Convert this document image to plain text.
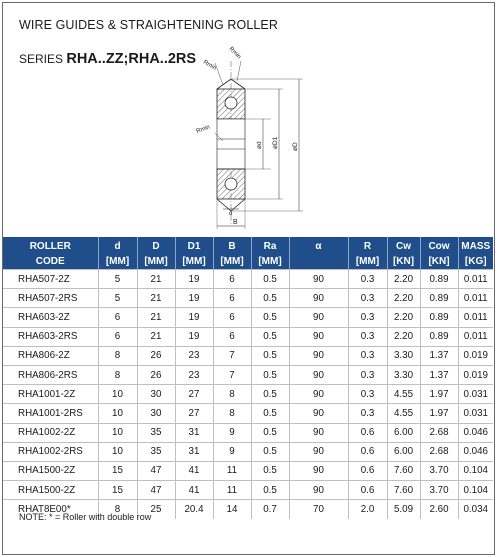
WIRE GUIDES & STRAIGHTENING ROLLER
SERIES RHA..ZZ;RHA..2RS
B
α
ød øD1 øD
Rmin
Rmin
Rmin
ROLLER	d	D	D1	B	Ra	α	R	Cw	Cow	MASS
CODE	[MM]	[MM]	[MM]	[MM]	[MM]		[MM]	[KN]	[KN]	[KG]
RHA507-2Z	5	21	19	6	0.5	90	0.3	2.20	0.89	0.011
RHA507-2RS	5	21	19	6	0.5	90	0.3	2.20	0.89	0.011
RHA603-2Z	6	21	19	6	0.5	90	0.3	2.20	0.89	0.011
RHA603-2RS	6	21	19	6	0.5	90	0.3	2.20	0.89	0.011
RHA806-2Z	8	26	23	7	0.5	90	0.3	3.30	1.37	0.019
RHA806-2RS	8	26	23	7	0.5	90	0.3	3.30	1.37	0.019
RHA1001-2Z	10	30	27	8	0.5	90	0.3	4.55	1.97	0.031
RHA1001-2RS	10	30	27	8	0.5	90	0.3	4.55	1.97	0.031
RHA1002-2Z	10	35	31	9	0.5	90	0.6	6.00	2.68	0.046
RHA1002-2RS	10	35	31	9	0.5	90	0.6	6.00	2.68	0.046
RHA1500-2Z	15	47	41	11	0.5	90	0.6	7.60	3.70	0.104
RHA1500-2Z	15	47	41	11	0.5	90	0.6	7.60	3.70	0.104
RHAT8E00*	8	25	20.4	14	0.7	70	2.0	5.09	2.60	0.034
NOTE: * = Roller with double row
